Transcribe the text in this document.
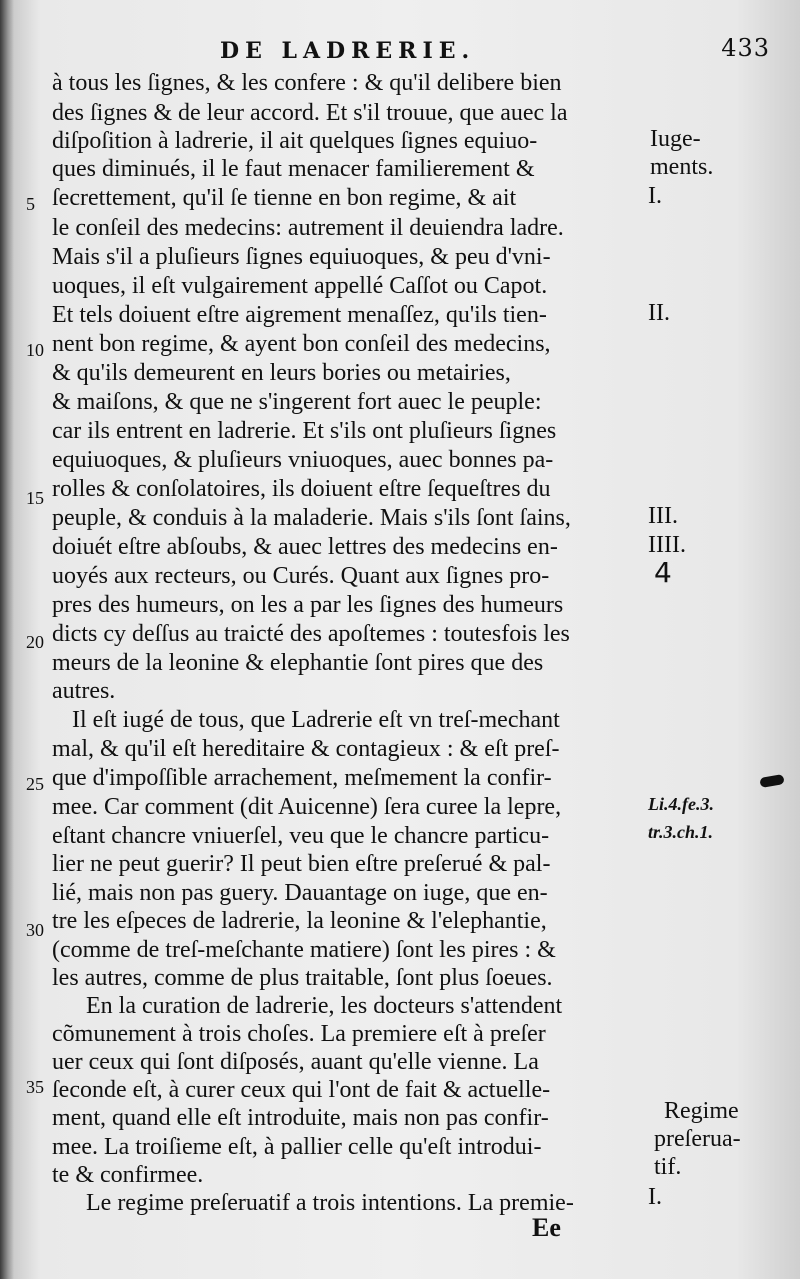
DE LADRERIE.	433
à tous les ſignes, & les confere : & qu'il delibere bien
des ſignes & de leur accord. Et s'il trouue, que auec la
diſpoſition à ladrerie, il ait quelques ſignes equiuo-
ques diminués, il le faut menacer familierement &
ſecrettement, qu'il ſe tienne en bon regime, & ait
le conſeil des medecins: autrement il deuiendra ladre.
Mais s'il a pluſieurs ſignes equiuoques, & peu d'vni-
uoques, il eſt vulgairement appellé Caſſot ou Capot.
Et tels doiuent eſtre aigrement menaſſez, qu'ils tien-
nent bon regime, & ayent bon conſeil des medecins,
& qu'ils demeurent en leurs bories ou metairies,
& maiſons, & que ne s'ingerent fort auec le peuple:
car ils entrent en ladrerie. Et s'ils ont pluſieurs ſignes
equiuoques, & pluſieurs vniuoques, auec bonnes pa-
rolles & conſolatoires, ils doiuent eſtre ſequeſtres du
peuple, & conduis à la maladerie. Mais s'ils ſont ſains,
doiuét eſtre abſoubs, & auec lettres des medecins en-
uoyés aux recteurs, ou Curés. Quant aux ſignes pro-
pres des humeurs, on les a par les ſignes des humeurs
dicts cy deſſus au traicté des apoſtemes : toutesfois les
meurs de la leonine & elephantie ſont pires que des
autres.
Il eſt iugé de tous, que Ladrerie eſt vn treſ-mechant
mal, & qu'il eſt hereditaire & contagieux : & eſt preſ-
que d'impoſſible arrachement, meſmement la confir-
mee. Car comment (dit Auicenne) ſera curee la lepre,
eſtant chancre vniuerſel, veu que le chancre particu-
lier ne peut guerir? Il peut bien eſtre preſerué & pal-
lié, mais non pas guery. Dauantage on iuge, que en-
tre les eſpeces de ladrerie, la leonine & l'elephantie,
(comme de treſ-meſchante matiere) ſont les pires : &
les autres, comme de plus traitable, ſont plus ſoeues.
En la curation de ladrerie, les docteurs s'attendent
cõmunement à trois choſes. La premiere eſt à preſer
uer ceux qui ſont diſposés, auant qu'elle vienne. La
ſeconde eſt, à curer ceux qui l'ont de fait & actuelle-
ment, quand elle eſt introduite, mais non pas confir-
mee. La troiſieme eſt, à pallier celle qu'eſt introdui-
te & confirmee.
Le regime preſeruatif a trois intentions. La premie-
5
10
15
20
25
30
35
Iuge-
ments.
I.
II.
III.
IIII.
4
Li.4.fe.3.
tr.3.ch.1.
Regime
preſerua-
tif.
I.
Ee
